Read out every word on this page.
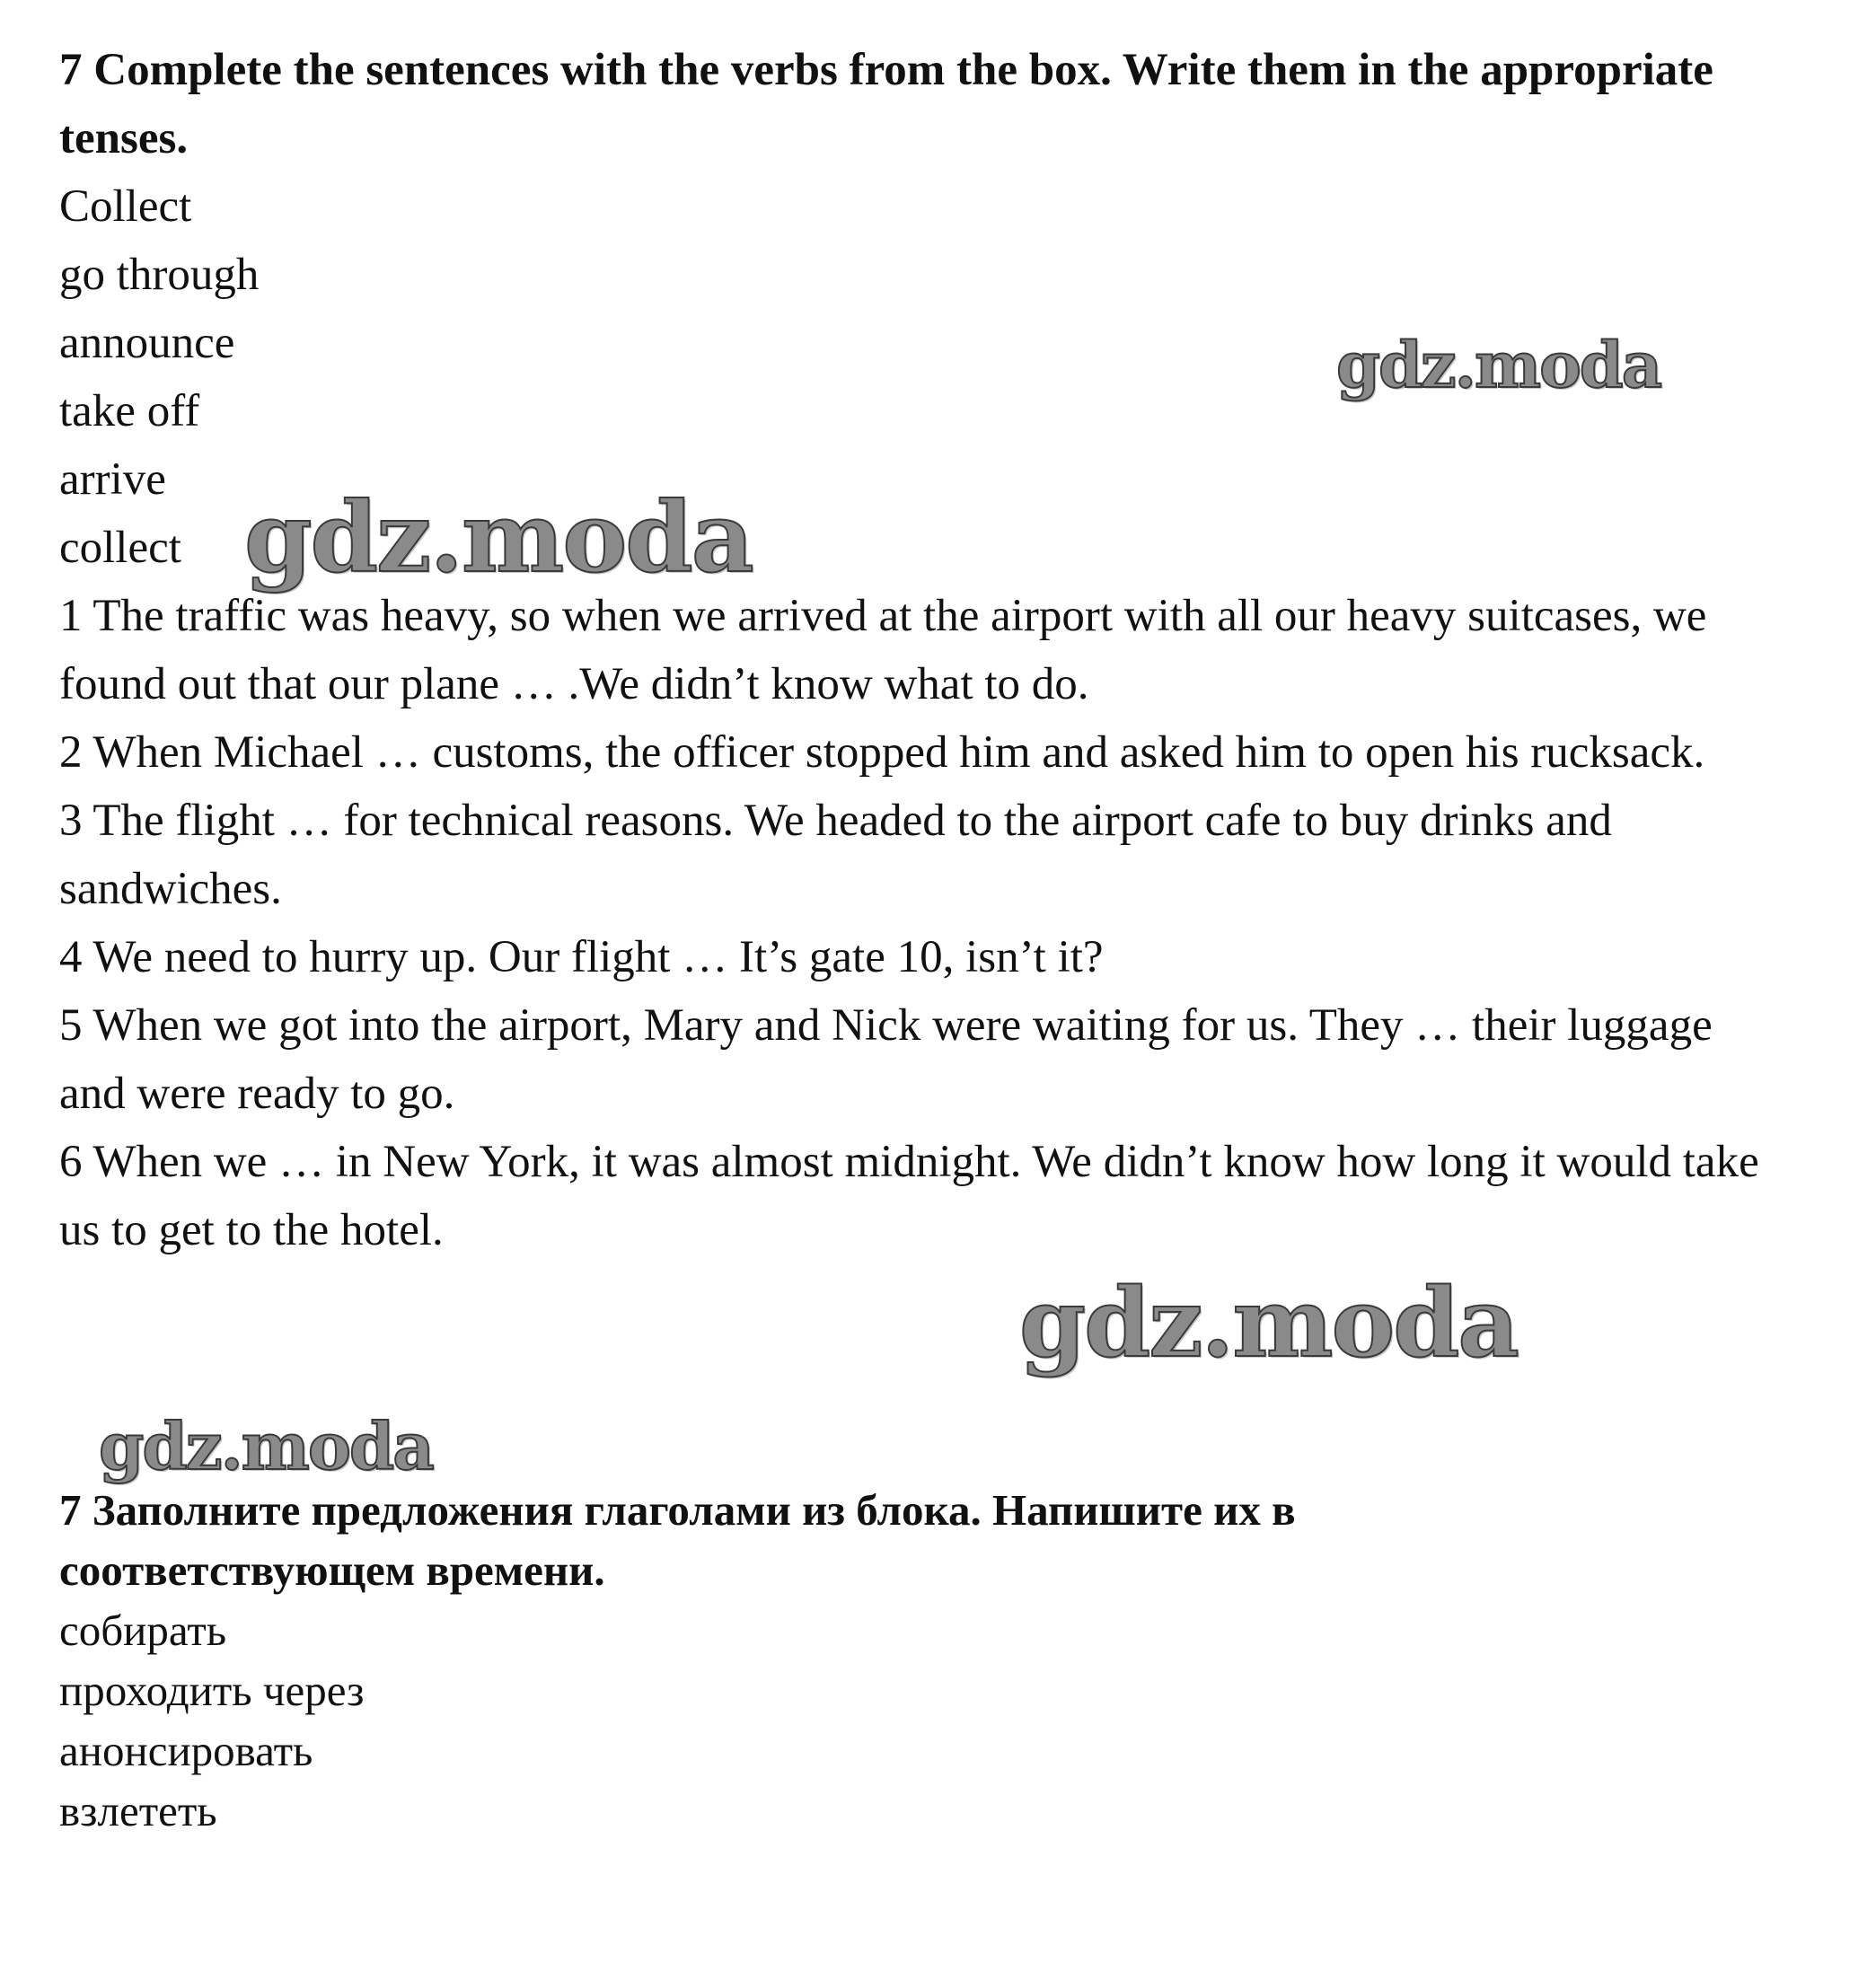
7 Complete the sentences with the verbs from the box. Write them in the appropriate tenses.

Collect

go through

announce

take off

arrive

collect

1 The traffic was heavy, so when we arrived at the airport with all our heavy suitcases, we found out that our plane … .We didn’t know what to do.

2 When Michael … customs, the officer stopped him and asked him to open his rucksack.

3 The flight … for technical reasons. We headed to the airport cafe to buy drinks and sandwiches.

4 We need to hurry up. Our flight … It’s gate 10, isn’t it?

5 When we got into the airport, Mary and Nick were waiting for us. They … their luggage and were ready to go.

6 When we … in New York, it was almost midnight. We didn’t know how long it would take us to get to the hotel.

7 Заполните предложения глаголами из блока. Напишите их в соответствующем времени.

собирать

проходить через

анонсировать

взлететь

gdz.moda
gdz.moda
gdz.moda
gdz.moda
